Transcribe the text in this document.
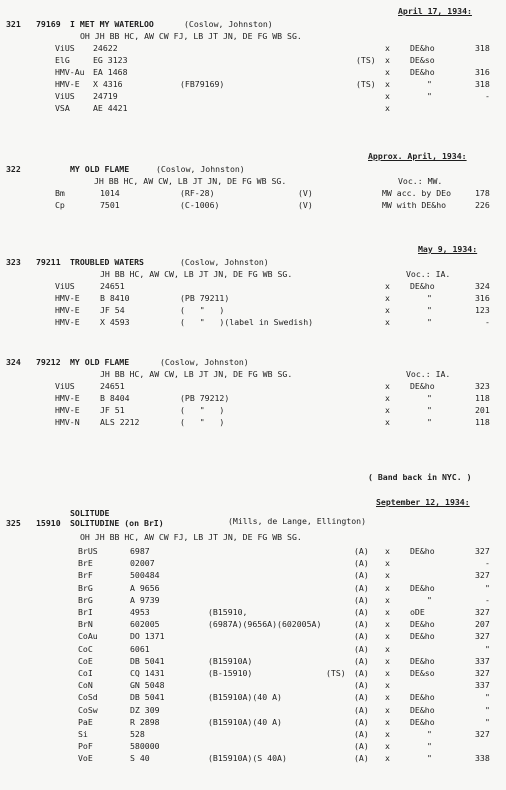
April 17, 1934:
321 79169 I MET MY WATERLOO	(Coslow, Johnston)
OH JH BB HC, AW CW FJ, LB JT JN, DE FG WB SG.
ViUS 24622	x DE&ho	318
ElG	EG 3123	(TS) x DE&so
HMV-Au EA 1468	x DE&ho	316
HMV-E X 4316	(FB79169)	(TS) x	"	318
ViUS 24719	x	"	-
VSA	AE 4421	x
Approx. April, 1934:
322	MY OLD FLAME	(Coslow, Johnston)
JH BB HC, AW CW, LB JT JN, DE FG WB SG.	Voc.: MW.
Bm	1014	(RF-28)	(V)	MW acc. by DEo	178
Cp	7501	(C-1006)	(V)	MW with DE&ho	226
May 9, 1934:
323 79211 TROUBLED WATERS	(Coslow, Johnston)
JH BB HC, AW CW, LB JT JN, DE FG WB SG.	Voc.: IA.
ViUS	24651	x DE&ho	324
HMV-E B 8410	(PB 79211)	x	"	316
HMV-E JF 54	(   "   )	x	"	123
HMV-E X 4593	(   "   )(label in Swedish)	x	"	-
324 79212 MY OLD FLAME	(Coslow, Johnston)
JH BB HC, AW CW, LB JT JN, DE FG WB SG.	Voc.: IA.
ViUS	24651	x DE&ho	323
HMV-E B 8404	(PB 79212)	x	"	118
HMV-E JF 51	(   "   )	x	"	201
HMV-N ALS 2212	(   "   )	x	"	118
( Band back in NYC. )
September 12, 1934:
SOLITUDE
325 15910 SOLITUDINE (on BrI)	(Mills, de Lange, Ellington)
OH JH BB HC, AW CW FJ, LB JT JN, DE FG WB SG.
BrUS	6987	(A) x DE&ho	327
BrE	02007	(A) x	-
BrF	500484	(A) x	327
BrG	A 9656	(A) x DE&ho	"
BrG	A 9739	(A) x	"	-
BrI	4953	(B15910,	(A) x oDE	327
BrN	602005	(6987A)(9656A)(602005A)	(A) x DE&ho	207
CoAu	DO 1371	(A) x DE&ho	327
CoC	6061	(A) x	"
CoE	DB 5041	(B15910A)	(A) x DE&ho	337
CoI	CQ 1431	(B-15910)	(TS) (A) x DE&so	327
CoN	GN 5048	(A) x	337
CoSd	DB 5041	(B15910A)(40 A)	(A) x DE&ho	"
CoSw	DZ 309	(A) x DE&ho	"
PaE	R 2898	(B15910A)(40 A)	(A) x DE&ho	"
Si	528	(A) x	"	327
PoF	580000	(A) x	"
VoE	S 40	(B15910A)(S 40A)	(A) x	"	338
